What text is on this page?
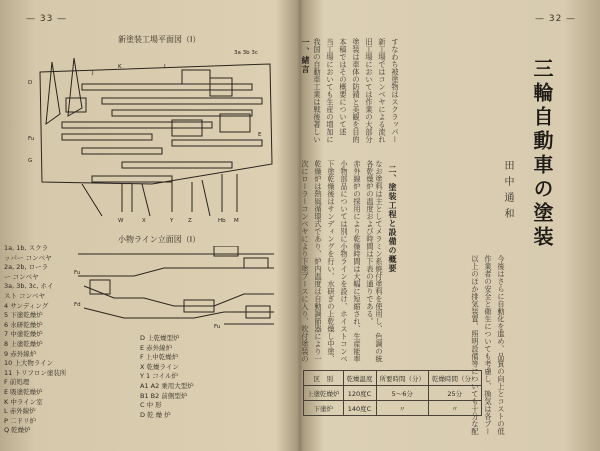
— 33 —
新塗装工場平面図（I）
3a 3b 3c
D
Fu
G
J
K	L
E
W	X	Y	Z	Hb M
小物ライン立面図（I）
1a, 1b, スクラ
ッパー コンベヤ
2a, 2b, ローラ
ー コンベヤ
3a, 3b, 3c, ホイ
スト コンベヤ
4 サンディング
5 下塗乾燥炉
6 水研乾燥炉
7 中塗乾燥炉
8 上塗乾燥炉
9 赤外線炉
10 上大物ライン
11 トリフロン塗装所
F 前処理
E 吸塗乾燥炉
K 中ライン室
L 赤外線炉
P 二ドリ炉
Q 乾燥炉
Fu
Fd
Fu
D 上乾燥型炉
E 赤外線炉
F 上中乾燥炉
X 乾燥ライン
Y 1 コイル炉
A1 A2 乗用大型炉
B1 B2 前側型炉
C 中 形
D 乾 燥 炉
— 32 —
三輪自動車の塗装
田中通和
一、緒言
二、塗装工程と設備の概要
我国の自動車工業は戦後著しい
当工場においても生産の増加に
本稿ではその概要について述
塗装は車体の防錆と美観を目的
旧工場においては作業の大部分
新工場ではコンベヤによる流れ
すなわち被塗物はスクラッパー
次にローラーコンベヤにより下塗ブースに入り、吹付塗装の
乾燥炉は熱風循環式であり、炉内温度は自動調節器により一
下塗乾燥後はサンディングを行い、水研ぎの上乾燥し中塗、
小物部品については別に小物ラインを設け、ホイストコンベ
赤外線炉の採用により乾燥時間は大幅に短縮され、生産能率
各乾燥炉の温度および時間は下表の通りである。 なお塗料は主としてメラミン系焼付塗料を使用し、色調の統
以上のほか排気装置、照明設備等についても十分な配
作業者の安全と衛生についても考慮し、換気は各ブー
今後はさらに自動化を進め、品質の向上とコストの低
区　別	乾燥温度	所要時間（分）	乾燥時間（分）
上塗乾燥炉	120度C	5～6分	25分
下塗炉	140度C	〃	〃
